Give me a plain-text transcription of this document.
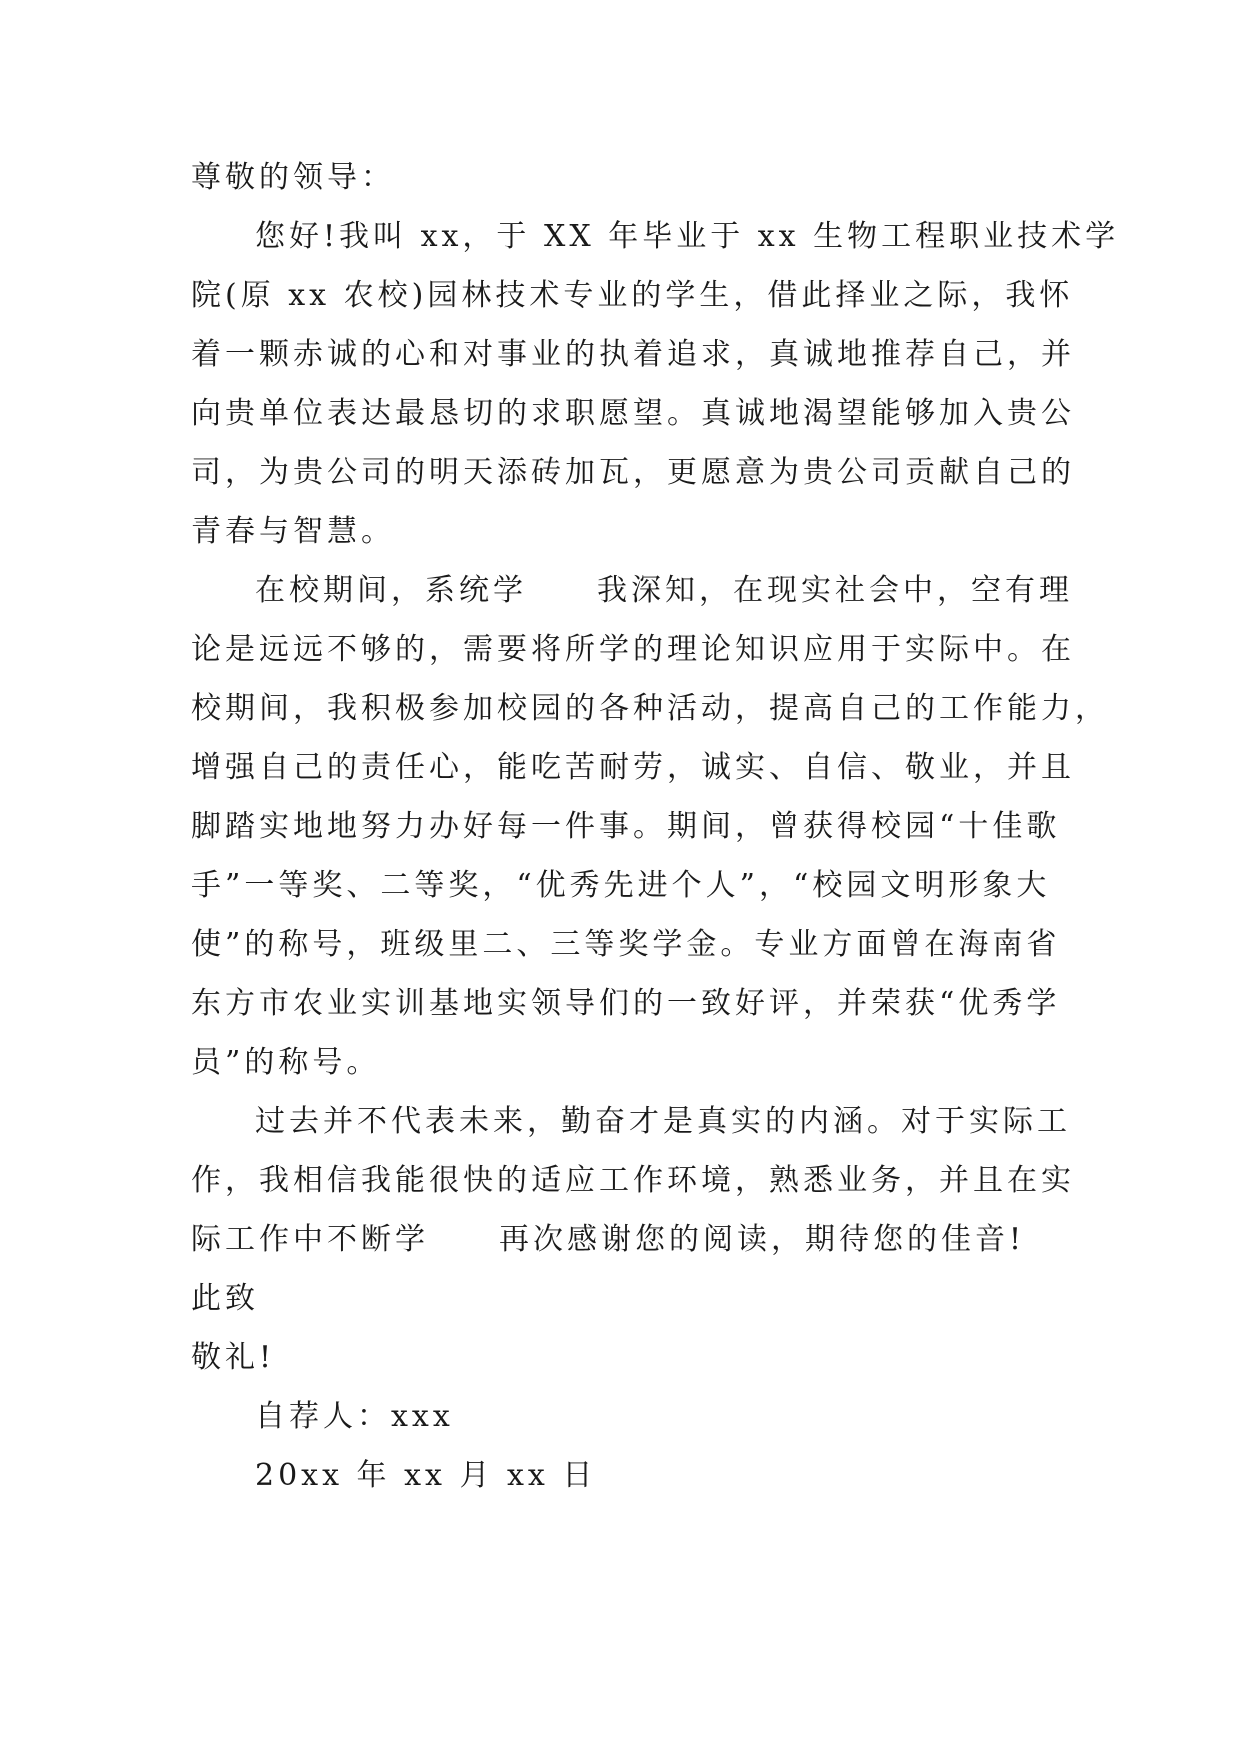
尊敬的领导：
您好!我叫 xx，于 XX 年毕业于 xx 生物工程职业技术学
院(原 xx 农校)园林技术专业的学生，借此择业之际，我怀
着一颗赤诚的心和对事业的执着追求，真诚地推荐自己，并
向贵单位表达最恳切的求职愿望。真诚地渴望能够加入贵公
司，为贵公司的明天添砖加瓦，更愿意为贵公司贡献自己的
青春与智慧。
在校期间，系统学 我深知，在现实社会中，空有理
论是远远不够的，需要将所学的理论知识应用于实际中。在
校期间，我积极参加校园的各种活动，提高自己的工作能力，
增强自己的责任心，能吃苦耐劳，诚实、自信、敬业，并且
脚踏实地地努力办好每一件事。期间，曾获得校园“十佳歌
手”一等奖、二等奖，“优秀先进个人”，“校园文明形象大
使”的称号，班级里二、三等奖学金。专业方面曾在海南省
东方市农业实训基地实领导们的一致好评，并荣获“优秀学
员”的称号。
过去并不代表未来，勤奋才是真实的内涵。对于实际工
作，我相信我能很快的适应工作环境，熟悉业务，并且在实
际工作中不断学 再次感谢您的阅读，期待您的佳音!
此致
敬礼!
自荐人：xxx
20xx 年 xx 月 xx 日
